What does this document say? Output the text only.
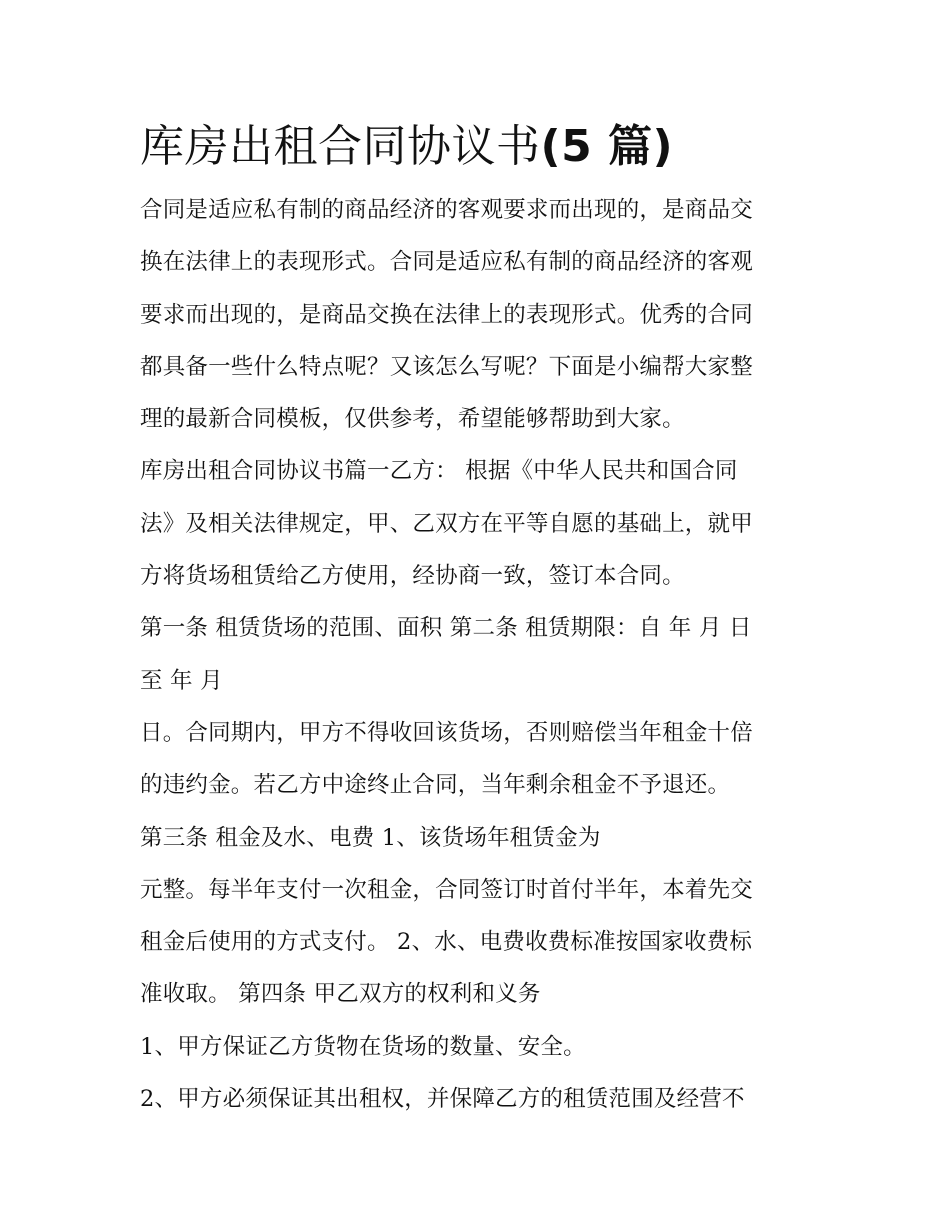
库房出租合同协议书(5 篇)
合同是适应私有制的商品经济的客观要求而出现的，是商品交
换在法律上的表现形式。合同是适应私有制的商品经济的客观
要求而出现的，是商品交换在法律上的表现形式。优秀的合同
都具备一些什么特点呢？又该怎么写呢？下面是小编帮大家整
理的最新合同模板，仅供参考，希望能够帮助到大家。
库房出租合同协议书篇一乙方： 根据《中华人民共和国合同
法》及相关法律规定，甲、乙双方在平等自愿的基础上，就甲
方将货场租赁给乙方使用，经协商一致，签订本合同。
第一条 租赁货场的范围、面积 第二条 租赁期限：自 年 月 日
至 年 月
日。合同期内，甲方不得收回该货场，否则赔偿当年租金十倍
的违约金。若乙方中途终止合同，当年剩余租金不予退还。
第三条 租金及水、电费 1、该货场年租赁金为
元整。每半年支付一次租金，合同签订时首付半年，本着先交
租金后使用的方式支付。 2、水、电费收费标准按国家收费标
准收取。 第四条 甲乙双方的权利和义务
1、甲方保证乙方货物在货场的数量、安全。
2、甲方必须保证其出租权，并保障乙方的租赁范围及经营不
